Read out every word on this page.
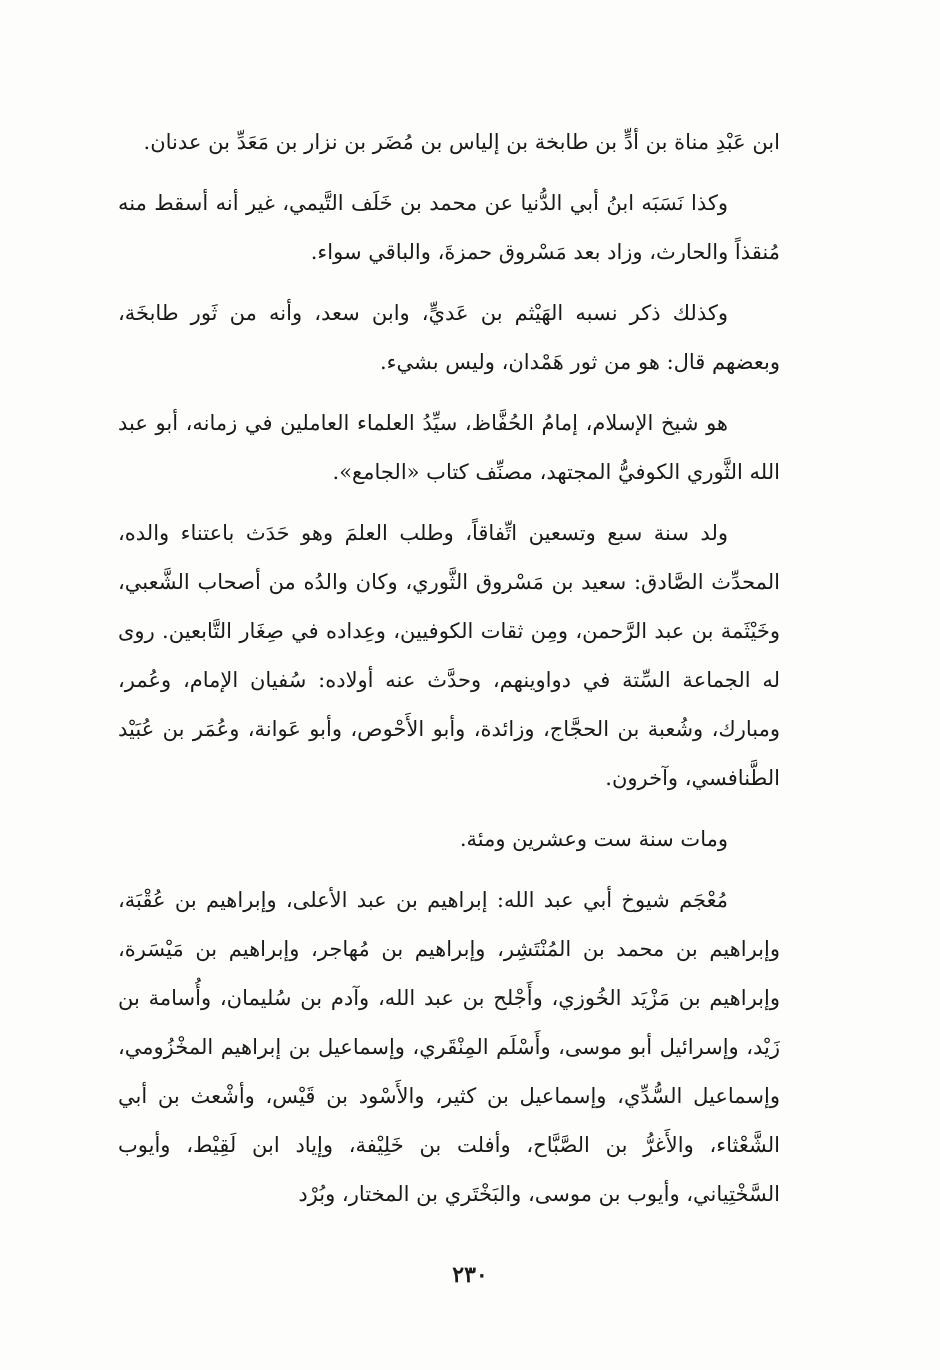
ابن عَبْدِ مناة بن أدٍّ بن طابخة بن إلياس بن مُضَر بن نزار بن مَعَدِّ بن عدنان.

وكذا نَسَبَه ابنُ أبي الدُّنيا عن محمد بن خَلَف التَّيمي، غير أنه أسقط منه مُنقذاً والحارث، وزاد بعد مَسْروق حمزةَ، والباقي سواء.

وكذلك ذكر نسبه الهَيْثم بن عَديٍّ، وابن سعد، وأنه من ثَور طابخَة، وبعضهم قال: هو من ثور هَمْدان، وليس بشيء.

هو شيخ الإسلام، إمامُ الحُفَّاظ، سيِّدُ العلماء العاملين في زمانه، أبو عبد الله الثَّوري الكوفيُّ المجتهد، مصنِّف كتاب «الجامع».

ولد سنة سبع وتسعين اتِّفاقاً، وطلب العلمَ وهو حَدَث باعتناء والده، المحدِّث الصَّادق: سعيد بن مَسْروق الثَّوري، وكان والدُه من أصحاب الشَّعبي، وخَيْثَمة بن عبد الرَّحمن، ومِن ثقات الكوفيين، وعِداده في صِغَار التَّابعين. روى له الجماعة السِّتة في دواوينهم، وحدَّث عنه أولاده: سُفيان الإمام، وعُمر، ومبارك، وشُعبة بن الحجَّاج، وزائدة، وأبو الأَحْوص، وأبو عَوانة، وعُمَر بن عُبَيْد الطَّنافسي، وآخرون.

ومات سنة ست وعشرين ومئة.

مُعْجَم شيوخ أبي عبد الله: إبراهيم بن عبد الأعلى، وإبراهيم بن عُقْبَة، وإبراهيم بن محمد بن المُنْتَشِر، وإبراهيم بن مُهاجر، وإبراهيم بن مَيْسَرة، وإبراهيم بن مَزْيَد الخُوزي، وأَجْلح بن عبد الله، وآدم بن سُليمان، وأُسامة بن زَيْد، وإسرائيل أبو موسى، وأَسْلَم المِنْقَري، وإسماعيل بن إبراهيم المخْزُومي، وإسماعيل السُّدِّي، وإسماعيل بن كثير، والأَسْود بن قَيْس، وأشْعث بن أبي الشَّعْثاء، والأَغرُّ بن الصَّبَّاح، وأفلت بن خَلِيْفة، وإياد ابن لَقِيْط، وأيوب السَّخْتِياني، وأيوب بن موسى، والبَخْتَري بن المختار، وبُرْد

٢٣٠
